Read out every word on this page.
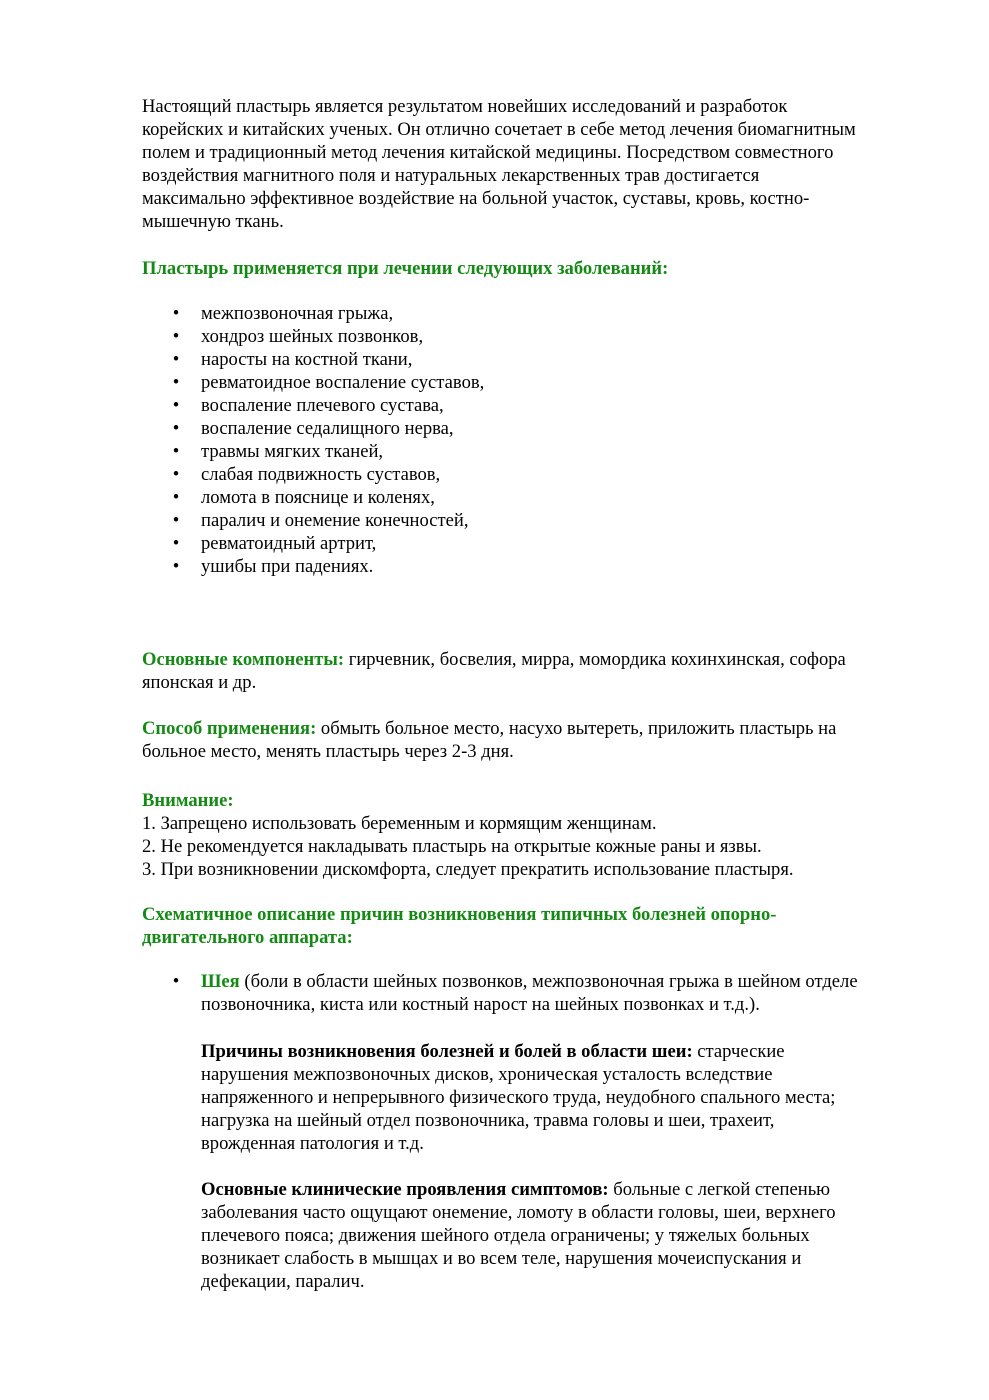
Настоящий пластырь является результатом новейших исследований и разработок
корейских и китайских ученых. Он отлично сочетает в себе метод лечения биомагнитным
полем и традиционный метод лечения китайской медицины. Посредством совместного
воздействия магнитного поля и натуральных лекарственных трав достигается
максимально эффективное воздействие на больной участок, суставы, кровь, костно-
мышечную ткань.
Пластырь применяется при лечении следующих заболеваний:
• межпозвоночная грыжа,
• хондроз шейных позвонков,
• наросты на костной ткани,
• ревматоидное воспаление суставов,
• воспаление плечевого сустава,
• воспаление седалищного нерва,
• травмы мягких тканей,
• слабая подвижность суставов,
• ломота в пояснице и коленях,
• паралич и онемение конечностей,
• ревматоидный артрит,
• ушибы при падениях.
Основные компоненты: гирчевник, босвелия, мирра, момордика кохинхинская, софора
японская и др.
Способ применения: обмыть больное место, насухо вытереть, приложить пластырь на
больное место, менять пластырь через 2-3 дня.
Внимание:
1. Запрещено использовать беременным и кормящим женщинам.
2. Не рекомендуется накладывать пластырь на открытые кожные раны и язвы.
3. При возникновении дискомфорта, следует прекратить использование пластыря.
Схематичное описание причин возникновения типичных болезней опорно-
двигательного аппарата:
• Шея (боли в области шейных позвонков, межпозвоночная грыжа в шейном отделе
позвоночника, киста или костный нарост на шейных позвонках и т.д.).
Причины возникновения болезней и болей в области шеи: старческие
нарушения межпозвоночных дисков, хроническая усталость вследствие
напряженного и непрерывного физического труда, неудобного спального места;
нагрузка на шейный отдел позвоночника, травма головы и шеи, трахеит,
врожденная патология и т.д.
Основные клинические проявления симптомов: больные с легкой степенью
заболевания часто ощущают онемение, ломоту в области головы, шеи, верхнего
плечевого пояса; движения шейного отдела ограничены; у тяжелых больных
возникает слабость в мышцах и во всем теле, нарушения мочеиспускания и
дефекации, паралич.
